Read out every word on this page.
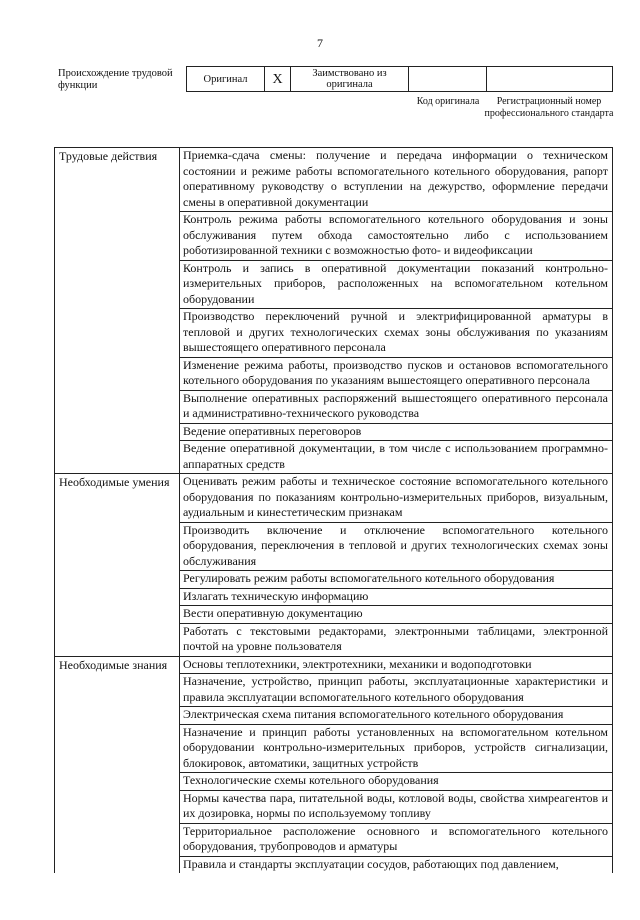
7
Происхождение трудовой функции
Оригинал	X	Заимствовано из оригинала		
Код оригинала	Регистрационный номер профессионального стандарта
Трудовые действия	Приемка-сдача смены: получение и передача информации о техническом состоянии и режиме работы вспомогательного котельного оборудования, рапорт оперативному руководству о вступлении на дежурство, оформление передачи смены в оперативной документации
	Контроль режима работы вспомогательного котельного оборудования и зоны обслуживания путем обхода самостоятельно либо с использованием роботизированной техники с возможностью фото- и видеофиксации
	Контроль и запись в оперативной документации показаний контрольно-измерительных приборов, расположенных на вспомогательном котельном оборудовании
	Производство переключений ручной и электрифицированной арматуры в тепловой и других технологических схемах зоны обслуживания по указаниям вышестоящего оперативного персонала
	Изменение режима работы, производство пусков и остановов вспомогательного котельного оборудования по указаниям вышестоящего оперативного персонала
	Выполнение оперативных распоряжений вышестоящего оперативного персонала и административно-технического руководства
	Ведение оперативных переговоров
	Ведение оперативной документации, в том числе с использованием программно-аппаратных средств
Необходимые умения	Оценивать режим работы и техническое состояние вспомогательного котельного оборудования по показаниям контрольно-измерительных приборов, визуальным, аудиальным и кинестетическим признакам
	Производить включение и отключение вспомогательного котельного оборудования, переключения в тепловой и других технологических схемах зоны обслуживания
	Регулировать режим работы вспомогательного котельного оборудования
	Излагать техническую информацию
	Вести оперативную документацию
	Работать с текстовыми редакторами, электронными таблицами, электронной почтой на уровне пользователя
Необходимые знания	Основы теплотехники, электротехники, механики и водоподготовки
	Назначение, устройство, принцип работы, эксплуатационные характеристики и правила эксплуатации вспомогательного котельного оборудования
	Электрическая схема питания вспомогательного котельного оборудования
	Назначение и принцип работы установленных на вспомогательном котельном оборудовании контрольно-измерительных приборов, устройств сигнализации, блокировок, автоматики, защитных устройств
	Технологические схемы котельного оборудования
	Нормы качества пара, питательной воды, котловой воды, свойства химреагентов и их дозировка, нормы по используемому топливу
	Территориальное расположение основного и вспомогательного котельного оборудования, трубопроводов и арматуры
	Правила и стандарты эксплуатации сосудов, работающих под давлением,
